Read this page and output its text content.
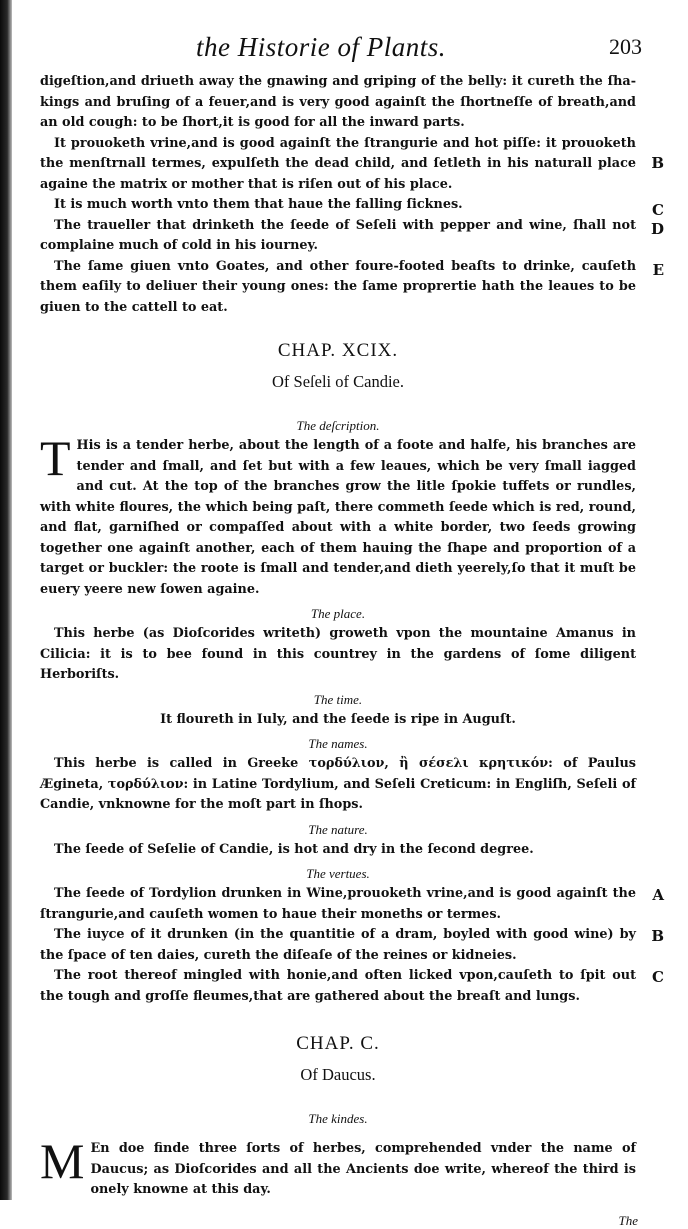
the Historie of Plants.	203

digeſtion,and driueth away the gnawing and griping of the belly: it cureth the ſha-kings and bruſing of a feuer,and is very good againſt the ſhortneſſe of breath,and an old cough: to be ſhort,it is good for all the inward parts.

B

It prouoketh vrine,and is good againſt the ſtrangurie and hot piſſe: it prouoketh the menſtrnall termes, expulſeth the dead child, and ſetleth in his naturall place againe the matrix or mother that is riſen out of his place.

C

It is much worth vnto them that haue the falling ſicknes.

D

The traueller that drinketh the ſeede of Seſeli with pepper and wine, ſhall not complaine much of cold in his iourney.

E

The ſame giuen vnto Goates, and other foure-footed beaſts to drinke, cauſeth them eaſily to deliuer their young ones: the ſame proprertie hath the leaues to be giuen to the cattell to eat.

CHAP. XCIX.
Of Seſeli of Candie.
The deſcription.
T His is a tender herbe, about the length of a foote and halfe, his branches are tender and ſmall, and ſet but with a few leaues, which be very ſmall iagged and cut. At the top of the branches grow the litle ſpokie tuffets or rundles, with white floures, the which being paſt, there commeth ſeede which is red, round, and flat, garniſhed or compaſſed about with a white border, two ſeeds growing together one againſt another, each of them hauing the ſhape and proportion of a target or buckler: the roote is ſmall and tender,and dieth yeerely,ſo that it muſt be euery yeere new ſowen againe.

The place.

This herbe (as Dioſcorides writeth) groweth vpon the mountaine Amanus in Cilicia: it is to bee found in this countrey in the gardens of ſome diligent Herboriſts.

The time.

It floureth in Iuly, and the ſeede is ripe in Auguſt.

The names.

This herbe is called in Greeke τορδύλιον, ἢ σέσελι κρητικόν: of Paulus Ægineta, τορδύλιον: in Latine Tordylium, and Seſeli Creticum: in Engliſh, Seſeli of Candie, vnknowne for the moſt part in ſhops.

The nature.

The ſeede of Seſelie of Candie, is hot and dry in the ſecond degree.

The vertues.
A

The ſeede of Tordylion drunken in Wine,prouoketh vrine,and is good againſt the ſtrangurie,and cauſeth women to haue their moneths or termes.

B

The iuyce of it drunken (in the quantitie of a dram, boyled with good wine) by the ſpace of ten daies, cureth the diſeaſe of the reines or kidneies.

C

The root thereof mingled with honie,and often licked vpon,cauſeth to ſpit out the tough and groſſe fleumes,that are gathered about the breaſt and lungs.

CHAP. C.
Of Daucus.
The kindes.
M En doe finde three ſorts of herbes, comprehended vnder the name of Daucus; as Dioſcorides and all the Ancients doe write, whereof the third is onely knowne at this day.

The
